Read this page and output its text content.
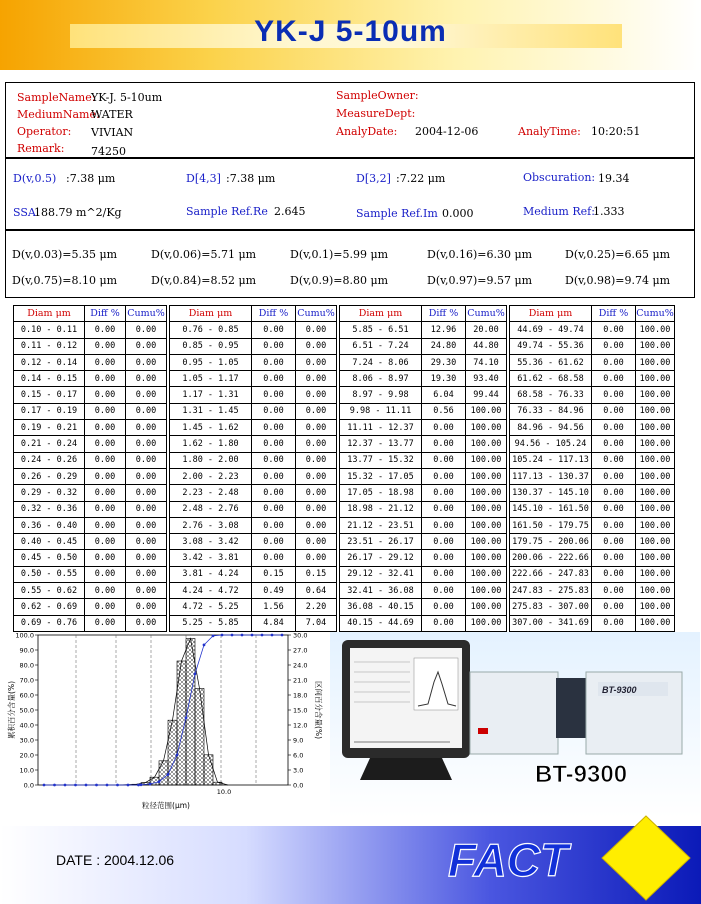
YK-J 5-10um
SampleName:
YK-J. 5-10um
MediumName:
WATER
Operator: VIVIAN
Remark: 74250
SampleOwner:
MeasureDept:
AnalyDate: 2004-12-06	AnalyTime: 10:20:51
D(v,0.5) :7.38 μm	D[4,3] :7.38 μm	D[3,2] :7.22 μm	Obscuration: 19.34
SSA
188.79 m^2/Kg	Sample Ref.Re 2.645	Sample Ref.Im 0.000	Medium Ref:
1.333
D(v,0.03)=5.35 μm	D(v,0.06)=5.71 μm	D(v,0.1)=5.99 μm	D(v,0.16)=6.30 μm	D(v,0.25)=6.65 μm
D(v,0.75)=8.10 μm	D(v,0.84)=8.52 μm	D(v,0.9)=8.80 μm	D(v,0.97)=9.57 μm	D(v,0.98)=9.74 μm
Diam μm	Diff %	Cumu%		Diam μm	Diff %	Cumu%		Diam μm	Diff %	Cumu%		Diam μm	Diff %	Cumu%
0.10 - 0.11	0.00	0.00		0.76 - 0.85	0.00	0.00		5.85 - 6.51	12.96	20.00		44.69 - 49.74	0.00	100.00
0.11 - 0.12	0.00	0.00		0.85 - 0.95	0.00	0.00		6.51 - 7.24	24.80	44.80		49.74 - 55.36	0.00	100.00
0.12 - 0.14	0.00	0.00		0.95 - 1.05	0.00	0.00		7.24 - 8.06	29.30	74.10		55.36 - 61.62	0.00	100.00
0.14 - 0.15	0.00	0.00		1.05 - 1.17	0.00	0.00		8.06 - 8.97	19.30	93.40		61.62 - 68.58	0.00	100.00
0.15 - 0.17	0.00	0.00		1.17 - 1.31	0.00	0.00		8.97 - 9.98	6.04	99.44		68.58 - 76.33	0.00	100.00
0.17 - 0.19	0.00	0.00		1.31 - 1.45	0.00	0.00		9.98 - 11.11	0.56	100.00		76.33 - 84.96	0.00	100.00
0.19 - 0.21	0.00	0.00		1.45 - 1.62	0.00	0.00		11.11 - 12.37	0.00	100.00		84.96 - 94.56	0.00	100.00
0.21 - 0.24	0.00	0.00		1.62 - 1.80	0.00	0.00		12.37 - 13.77	0.00	100.00		94.56 - 105.24	0.00	100.00
0.24 - 0.26	0.00	0.00		1.80 - 2.00	0.00	0.00		13.77 - 15.32	0.00	100.00		105.24 - 117.13	0.00	100.00
0.26 - 0.29	0.00	0.00		2.00 - 2.23	0.00	0.00		15.32 - 17.05	0.00	100.00		117.13 - 130.37	0.00	100.00
0.29 - 0.32	0.00	0.00		2.23 - 2.48	0.00	0.00		17.05 - 18.98	0.00	100.00		130.37 - 145.10	0.00	100.00
0.32 - 0.36	0.00	0.00		2.48 - 2.76	0.00	0.00		18.98 - 21.12	0.00	100.00		145.10 - 161.50	0.00	100.00
0.36 - 0.40	0.00	0.00		2.76 - 3.08	0.00	0.00		21.12 - 23.51	0.00	100.00		161.50 - 179.75	0.00	100.00
0.40 - 0.45	0.00	0.00		3.08 - 3.42	0.00	0.00		23.51 - 26.17	0.00	100.00		179.75 - 200.06	0.00	100.00
0.45 - 0.50	0.00	0.00		3.42 - 3.81	0.00	0.00		26.17 - 29.12	0.00	100.00		200.06 - 222.66	0.00	100.00
0.50 - 0.55	0.00	0.00		3.81 - 4.24	0.15	0.15		29.12 - 32.41	0.00	100.00		222.66 - 247.83	0.00	100.00
0.55 - 0.62	0.00	0.00		4.24 - 4.72	0.49	0.64		32.41 - 36.08	0.00	100.00		247.83 - 275.83	0.00	100.00
0.62 - 0.69	0.00	0.00		4.72 - 5.25	1.56	2.20		36.08 - 40.15	0.00	100.00		275.83 - 307.00	0.00	100.00
0.69 - 0.76	0.00	0.00		5.25 - 5.85	4.84	7.04		40.15 - 44.69	0.00	100.00		307.00 - 341.69	0.00	100.00
0.0	0.0
10.0	3.0
20.0	6.0
30.0	9.0
40.0	12.0
50.0	15.0
60.0	18.0
70.0	21.0
80.0	24.0
90.0	27.0
100.0	30.0
累积百分含量(%)	区间百分含量(%)
10.0
粒径范围(μm)
BT-9300
BT-9300
DATE : 2004.12.06	FACT
